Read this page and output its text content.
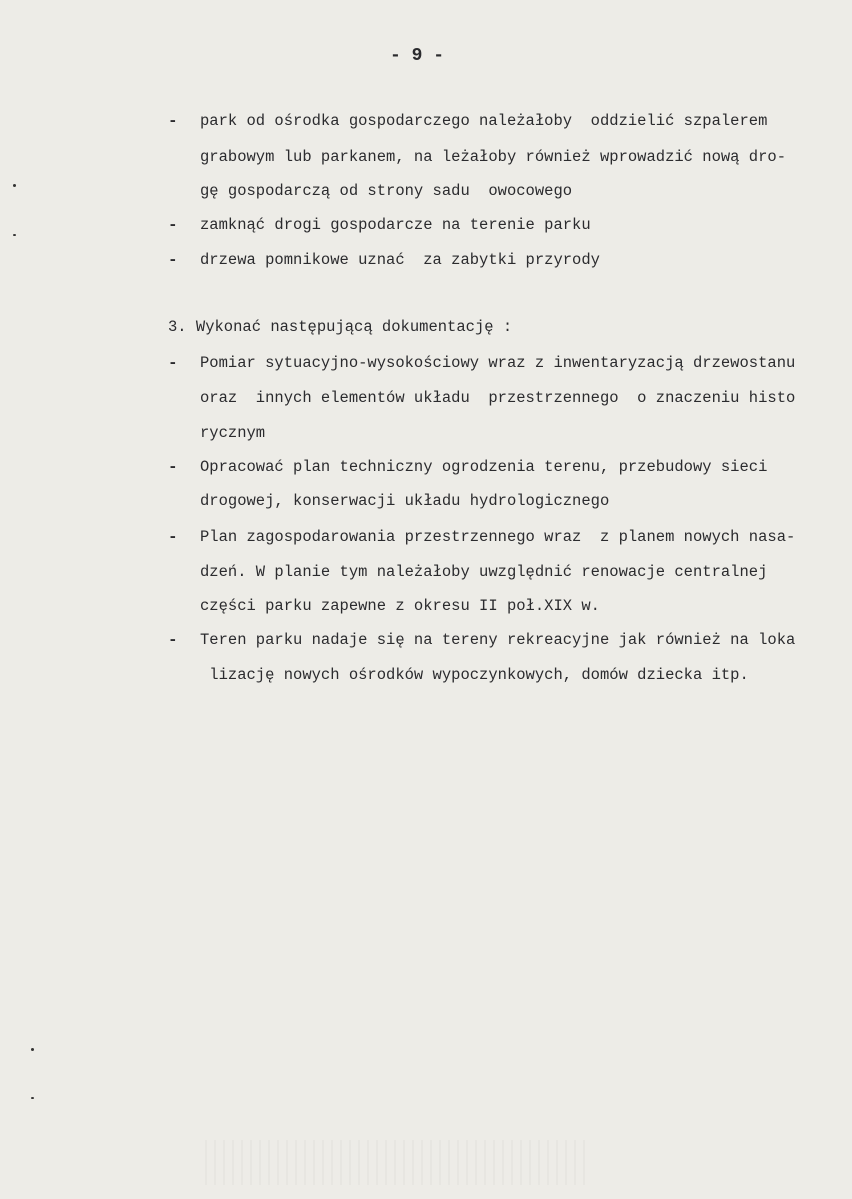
- 9 -
- park od ośrodka gospodarczego należałoby  oddzielić szpalerem
grabowym lub parkanem, na leżałoby również wprowadzić nową dro-
gę gospodarczą od strony sadu  owocowego
- zamknąć drogi gospodarcze na terenie parku
- drzewa pomnikowe uznać  za zabytki przyrody
3. Wykonać następującą dokumentację :
- Pomiar sytuacyjno-wysokościowy wraz z inwentaryzacją drzewostanu
oraz  innych elementów układu  przestrzennego  o znaczeniu histo
rycznym
- Opracować plan techniczny ogrodzenia terenu, przebudowy sieci
drogowej, konserwacji układu hydrologicznego
- Plan zagospodarowania przestrzennego wraz  z planem nowych nasa-
dzeń. W planie tym należałoby uwzględnić renowacje centralnej
części parku zapewne z okresu II poł.XIX w.
- Teren parku nadaje się na tereny rekreacyjne jak również na loka
lizację nowych ośrodków wypoczynkowych, domów dziecka itp.
